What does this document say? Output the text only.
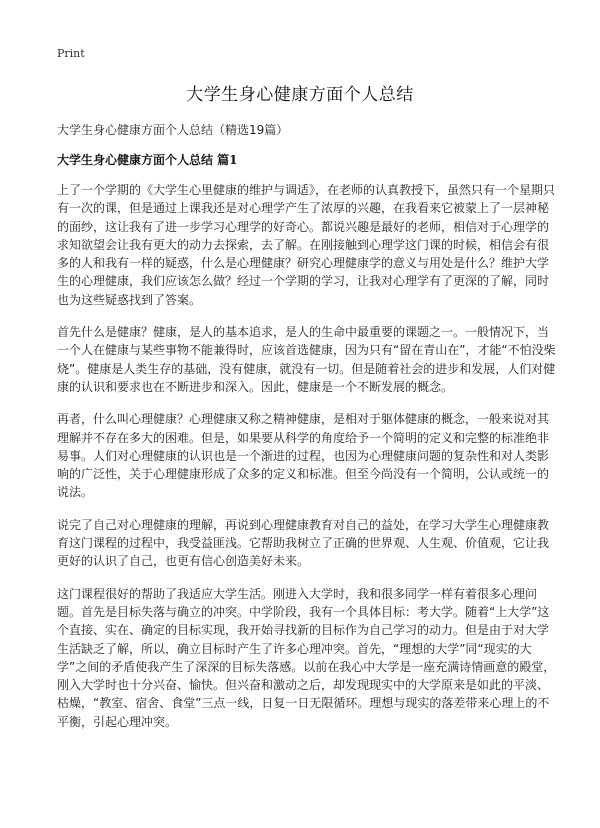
Print

大学生身心健康方面个人总结

大学生身心健康方面个人总结（精选19篇）

大学生身心健康方面个人总结 篇1

上了一个学期的《大学生心里健康的维护与调适》，在老师的认真教授下，虽然只有一个星期只有一次的课，但是通过上课我还是对心理学产生了浓厚的兴趣，在我看来它被蒙上了一层神秘的面纱，这让我有了进一步学习心理学的好奇心。都说兴趣是最好的老师，相信对于心理学的求知欲望会让我有更大的动力去探索，去了解。在刚接触到心理学这门课的时候，相信会有很多的人和我有一样的疑惑，什么是心理健康？研究心理健康学的意义与用处是什么？维护大学生的心理健康，我们应该怎么做？经过一个学期的学习，让我对心理学有了更深的了解，同时也为这些疑惑找到了答案。

首先什么是健康？健康，是人的基本追求，是人的生命中最重要的课题之一。一般情况下，当一个人在健康与某些事物不能兼得时，应该首选健康，因为只有“留在青山在”，才能“不怕没柴烧”。健康是人类生存的基础，没有健康，就没有一切。但是随着社会的进步和发展，人们对健康的认识和要求也在不断进步和深入。因此，健康是一个不断发展的概念。

再者，什么叫心理健康？心理健康又称之精神健康，是相对于躯体健康的概念，一般来说对其理解并不存在多大的困难。但是，如果要从科学的角度给予一个简明的定义和完整的标准绝非易事。人们对心理健康的认识也是一个渐进的过程，也因为心理健康问题的复杂性和对人类影响的广泛性，关于心理健康形成了众多的定义和标准。但至今尚没有一个简明，公认或统一的说法。

说完了自己对心理健康的理解，再说到心理健康教育对自己的益处，在学习大学生心理健康教育这门课程的过程中，我受益匪浅。它帮助我树立了正确的世界观、人生观、价值观，它让我更好的认识了自己，也更有信心创造美好未来。

这门课程很好的帮助了我适应大学生活。刚进入大学时，我和很多同学一样有着很多心理问题。首先是目标失落与确立的冲突。中学阶段，我有一个具体目标：考大学。随着“上大学”这个直接、实在、确定的目标实现，我开始寻找新的目标作为自己学习的动力。但是由于对大学生活缺乏了解，所以，确立目标时产生了许多心理冲突。首先，“理想的大学”同“现实的大学”之间的矛盾使我产生了深深的目标失落感。以前在我心中大学是一座充满诗情画意的殿堂，刚入大学时也十分兴奋、愉快。但兴奋和激动之后，却发现现实中的大学原来是如此的平淡、枯燥，“教室、宿舍、食堂”三点一线，日复一日无限循环。理想与现实的落差带来心理上的不平衡，引起心理冲突。
